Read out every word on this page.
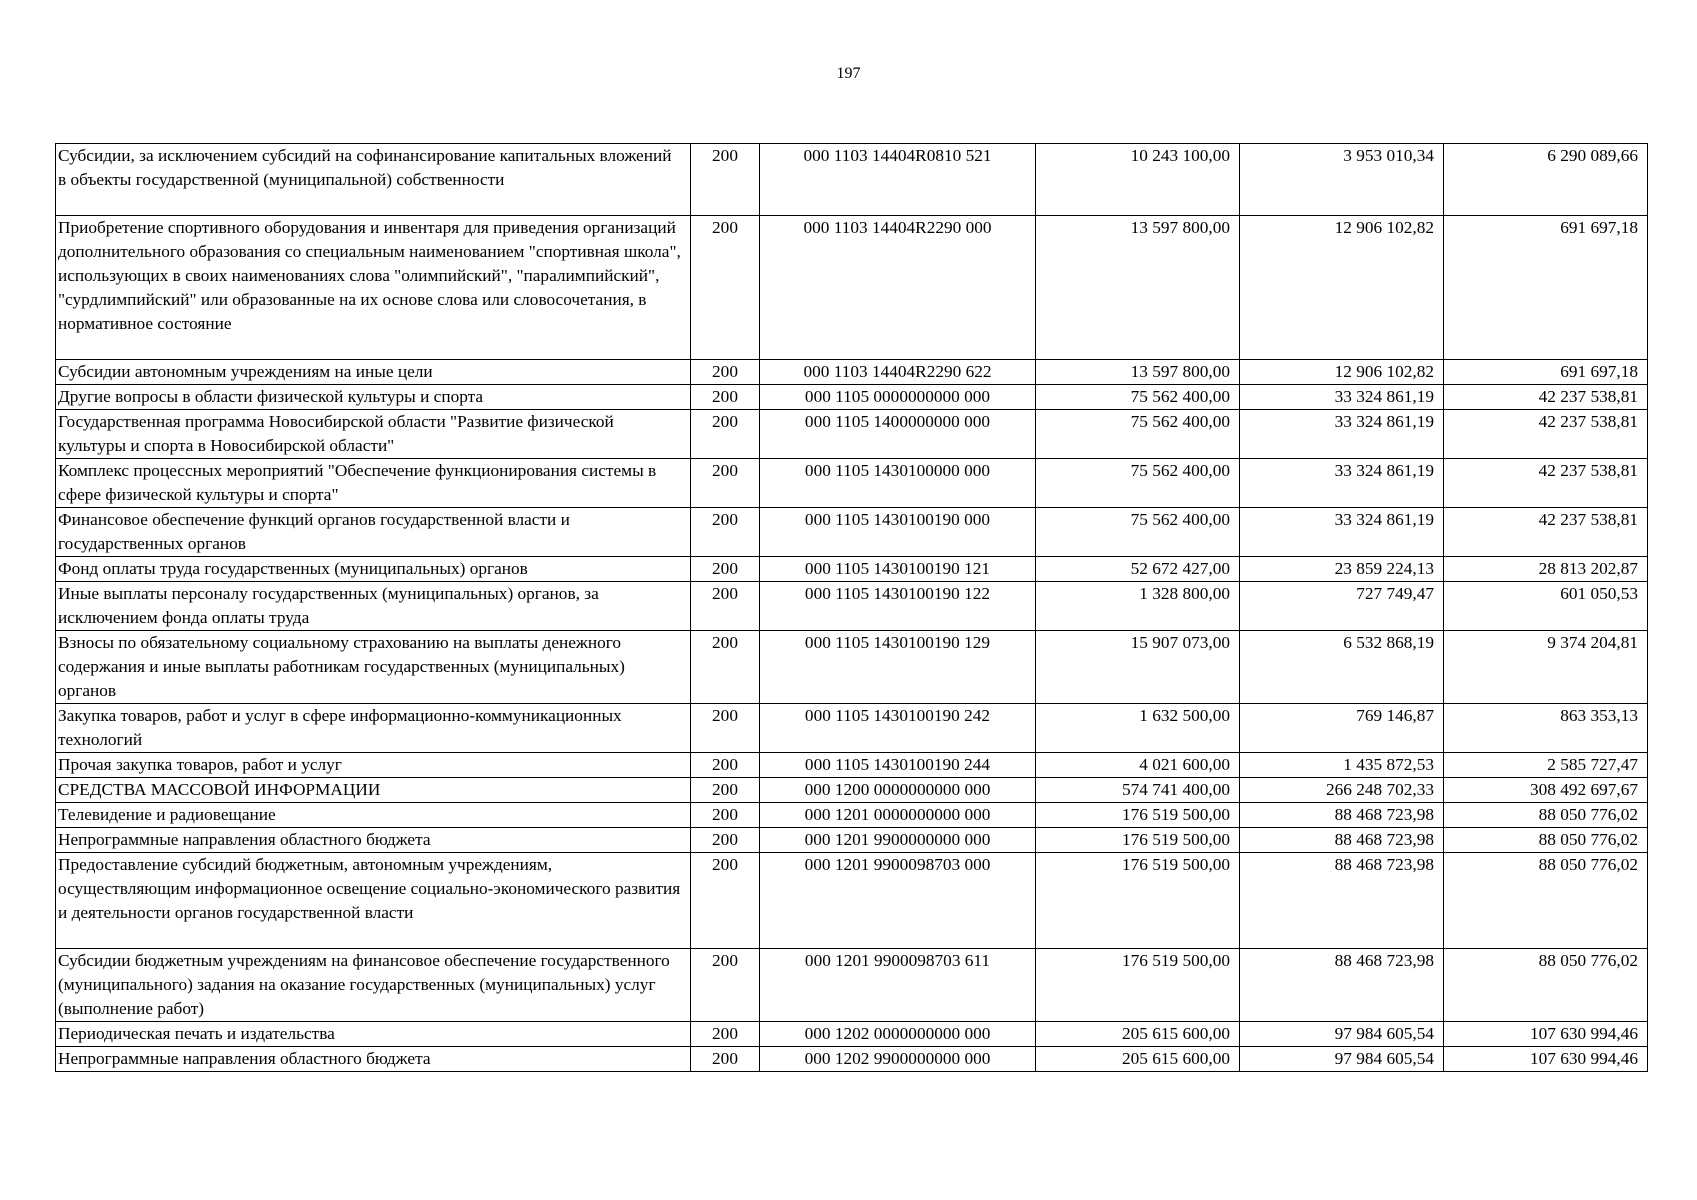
197
Субсидии, за исключением субсидий на софинансирование капитальных вложений в объекты государственной (муниципальной) собственности	200	000 1103 14404R0810 521	10 243 100,00	3 953 010,34	6 290 089,66
Приобретение спортивного оборудования и инвентаря для приведения организаций дополнительного образования со специальным наименованием "спортивная школа", использующих в своих наименованиях слова "олимпийский", "паралимпийский", "сурдлимпийский" или образованные на их основе слова или словосочетания, в нормативное состояние	200	000 1103 14404R2290 000	13 597 800,00	12 906 102,82	691 697,18
Субсидии автономным учреждениям на иные цели	200	000 1103 14404R2290 622	13 597 800,00	12 906 102,82	691 697,18
Другие вопросы в области физической культуры и спорта	200	000 1105 0000000000 000	75 562 400,00	33 324 861,19	42 237 538,81
Государственная программа Новосибирской области "Развитие физической культуры и спорта в Новосибирской области"	200	000 1105 1400000000 000	75 562 400,00	33 324 861,19	42 237 538,81
Комплекс процессных мероприятий "Обеспечение функционирования системы в сфере физической культуры и спорта"	200	000 1105 1430100000 000	75 562 400,00	33 324 861,19	42 237 538,81
Финансовое обеспечение функций органов государственной власти и государственных органов	200	000 1105 1430100190 000	75 562 400,00	33 324 861,19	42 237 538,81
Фонд оплаты труда государственных (муниципальных) органов	200	000 1105 1430100190 121	52 672 427,00	23 859 224,13	28 813 202,87
Иные выплаты персоналу государственных (муниципальных) органов, за исключением фонда оплаты труда	200	000 1105 1430100190 122	1 328 800,00	727 749,47	601 050,53
Взносы по обязательному социальному страхованию на выплаты денежного содержания и иные выплаты работникам государственных (муниципальных) органов	200	000 1105 1430100190 129	15 907 073,00	6 532 868,19	9 374 204,81
Закупка товаров, работ и услуг в сфере информационно-коммуникационных технологий	200	000 1105 1430100190 242	1 632 500,00	769 146,87	863 353,13
Прочая закупка товаров, работ и услуг	200	000 1105 1430100190 244	4 021 600,00	1 435 872,53	2 585 727,47
СРЕДСТВА МАССОВОЙ ИНФОРМАЦИИ	200	000 1200 0000000000 000	574 741 400,00	266 248 702,33	308 492 697,67
Телевидение и радиовещание	200	000 1201 0000000000 000	176 519 500,00	88 468 723,98	88 050 776,02
Непрограммные направления областного бюджета	200	000 1201 9900000000 000	176 519 500,00	88 468 723,98	88 050 776,02
Предоставление субсидий бюджетным, автономным учреждениям, осуществляющим информационное освещение социально-экономического развития и деятельности органов государственной власти	200	000 1201 9900098703 000	176 519 500,00	88 468 723,98	88 050 776,02
Субсидии бюджетным учреждениям на финансовое обеспечение государственного (муниципального) задания на оказание государственных (муниципальных) услуг (выполнение работ)	200	000 1201 9900098703 611	176 519 500,00	88 468 723,98	88 050 776,02
Периодическая печать и издательства	200	000 1202 0000000000 000	205 615 600,00	97 984 605,54	107 630 994,46
Непрограммные направления областного бюджета	200	000 1202 9900000000 000	205 615 600,00	97 984 605,54	107 630 994,46
